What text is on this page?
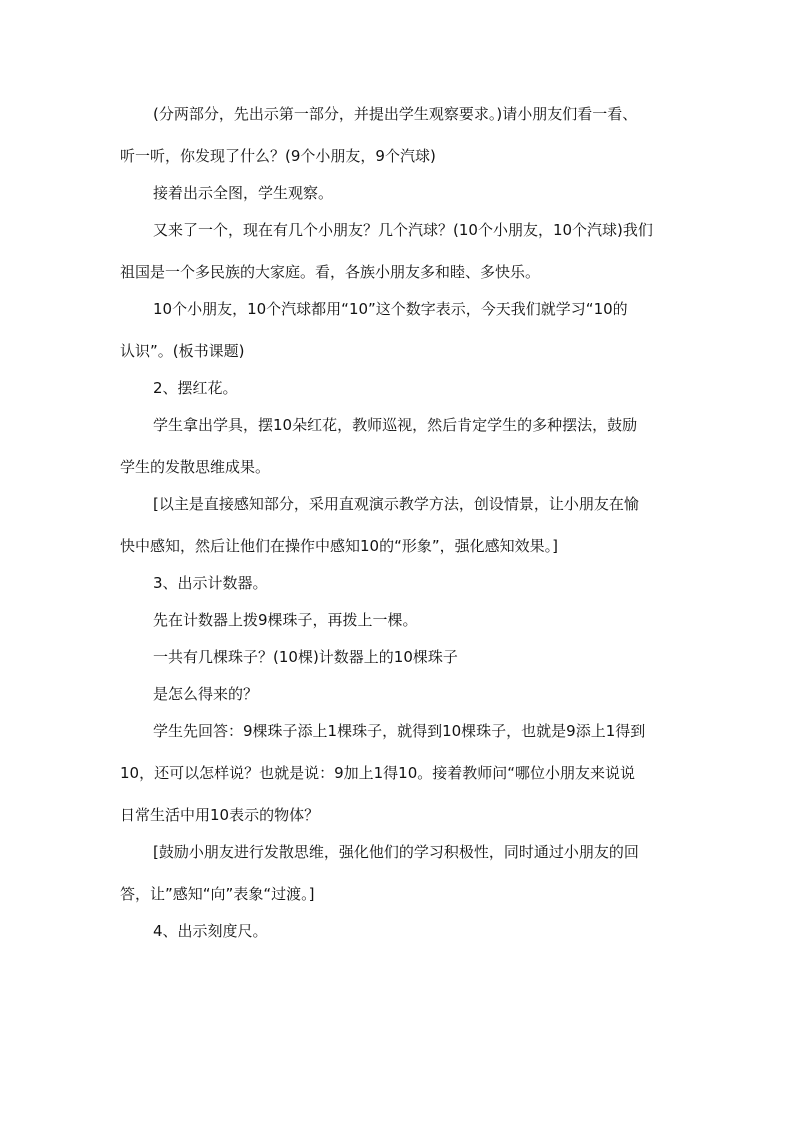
(分两部分，先出示第一部分，并提出学生观察要求。)请小朋友们看一看、
听一听，你发现了什么？(9个小朋友，9个汽球)
接着出示全图，学生观察。
又来了一个，现在有几个小朋友？几个汽球？(10个小朋友，10个汽球)我们
祖国是一个多民族的大家庭。看，各族小朋友多和睦、多快乐。
10个小朋友，10个汽球都用“10”这个数字表示，今天我们就学习“10的
认识”。(板书课题)
2、摆红花。
学生拿出学具，摆10朵红花，教师巡视，然后肯定学生的多种摆法，鼓励
学生的发散思维成果。
[以主是直接感知部分，采用直观演示教学方法，创设情景，让小朋友在愉
快中感知，然后让他们在操作中感知10的“形象”，强化感知效果。]
3、出示计数器。
先在计数器上拨9棵珠子，再拨上一棵。
一共有几棵珠子？(10棵)计数器上的10棵珠子
是怎么得来的？
学生先回答：9棵珠子添上1棵珠子，就得到10棵珠子，也就是9添上1得到
10，还可以怎样说？也就是说：9加上1得10。接着教师问“哪位小朋友来说说
日常生活中用10表示的物体？
[鼓励小朋友进行发散思维，强化他们的学习积极性，同时通过小朋友的回
答，让”感知“向”表象“过渡。]
4、出示刻度尺。
